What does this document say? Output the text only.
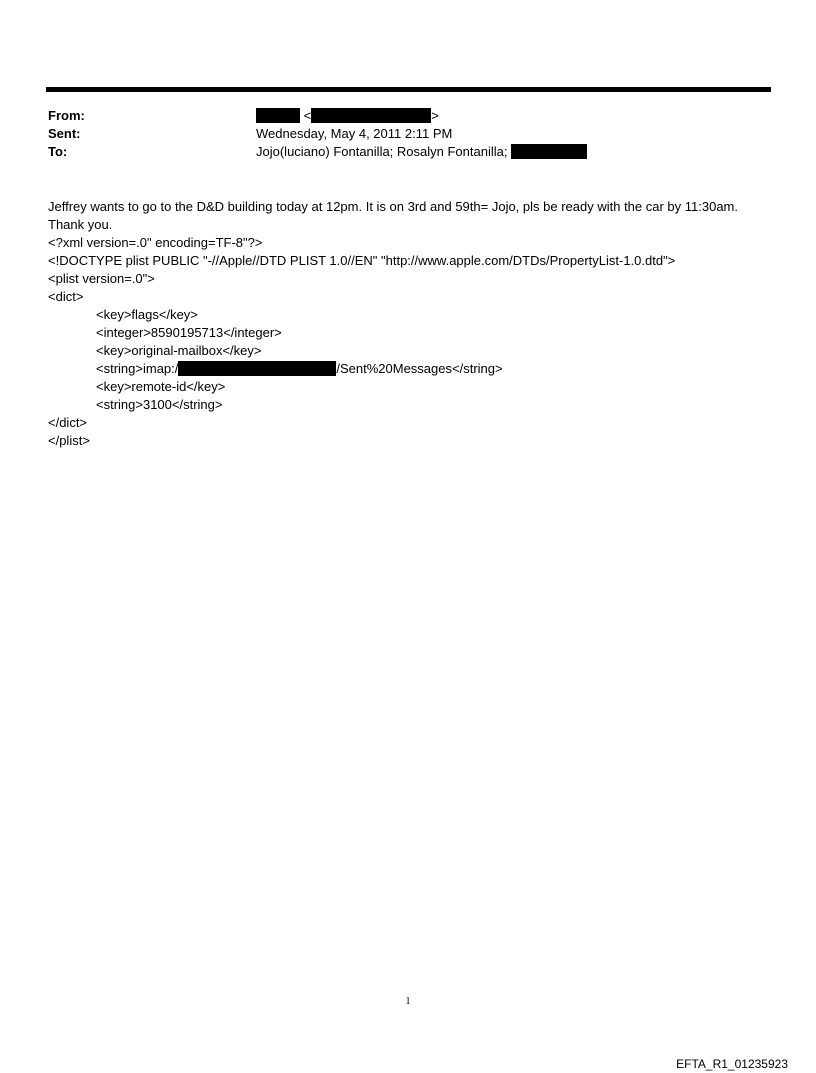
From:	<	>
Sent:	Wednesday, May 4, 2011 2:11 PM
To:	Jojo(luciano) Fontanilla; Rosalyn Fontanilla;
Jeffrey wants to go to the D&D building today at 12pm. It is on 3rd and 59th= Jojo, pls be ready with the car by 11:30am.
Thank you.
<?xml version=.0" encoding=TF-8"?>
<!DOCTYPE plist PUBLIC "-//Apple//DTD PLIST 1.0//EN" "http://www.apple.com/DTDs/PropertyList-1.0.dtd">
<plist version=.0">
<dict>
<key>flags</key>
<integer>8590195713</integer>
<key>original-mailbox</key>
<string>imap:/	/Sent%20Messages</string>
<key>remote-id</key>
<string>3100</string>
</dict>
</plist>
1
EFTA_R1_01235923
